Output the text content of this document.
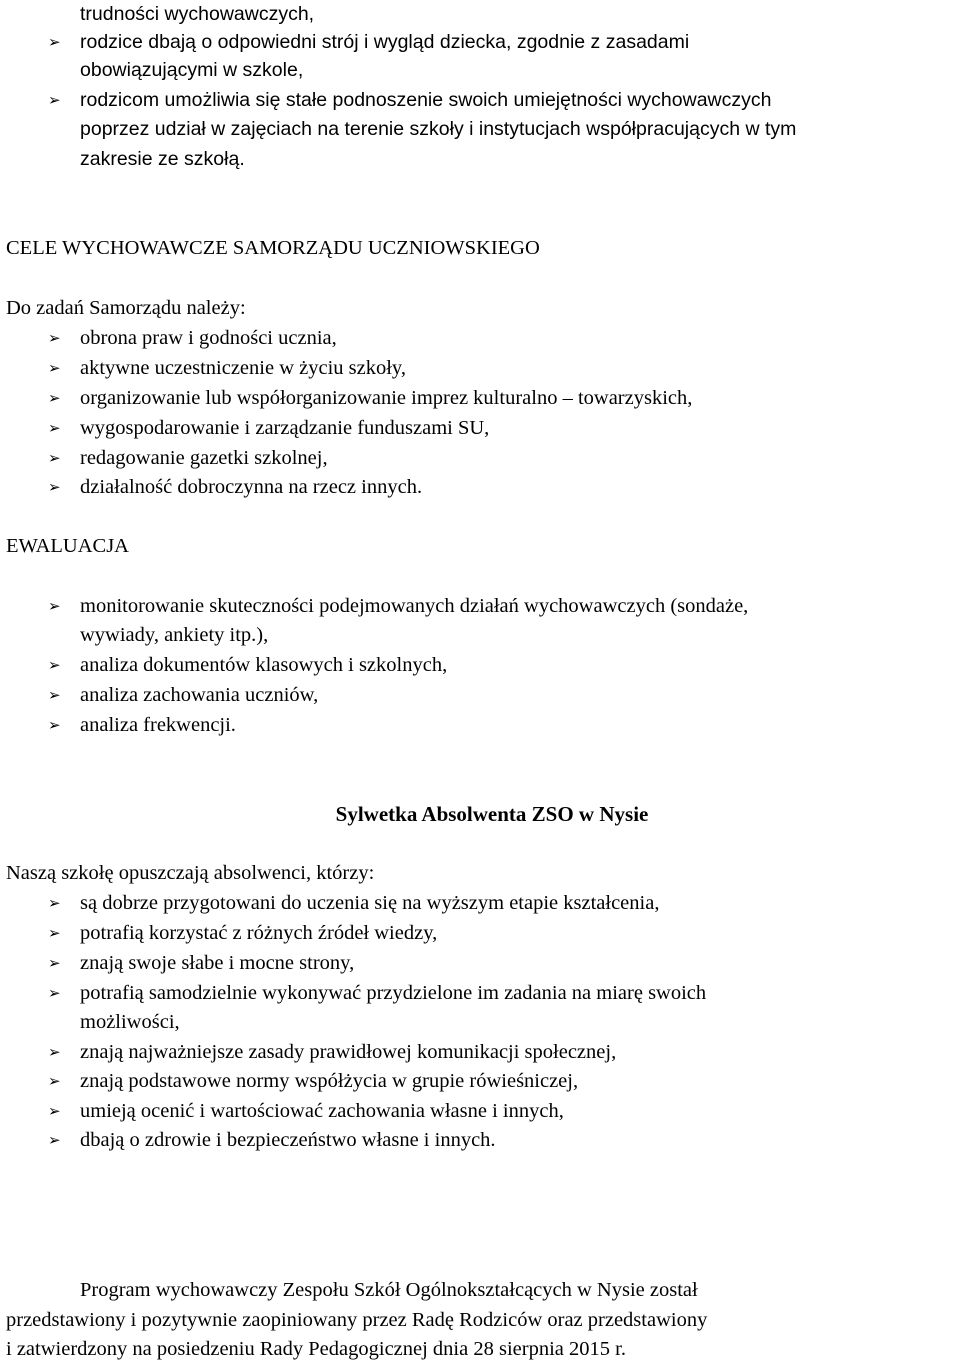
trudności wychowawczych,
➢ rodzice dbają o odpowiedni strój i wygląd dziecka, zgodnie z zasadami
obowiązującymi w szkole,
➢ rodzicom umożliwia się stałe podnoszenie swoich umiejętności wychowawczych
poprzez udział w zajęciach na terenie szkoły i instytucjach współpracujących w tym
zakresie ze szkołą.
CELE WYCHOWAWCZE SAMORZĄDU UCZNIOWSKIEGO
Do zadań Samorządu należy:
➢ obrona praw i godności ucznia,
➢ aktywne uczestniczenie w życiu szkoły,
➢ organizowanie lub współorganizowanie imprez kulturalno – towarzyskich,
➢ wygospodarowanie i zarządzanie funduszami SU,
➢ redagowanie gazetki szkolnej,
➢ działalność dobroczynna na rzecz innych.
EWALUACJA
➢ monitorowanie skuteczności podejmowanych działań wychowawczych (sondaże,
wywiady, ankiety itp.),
➢ analiza dokumentów klasowych i szkolnych,
➢ analiza zachowania uczniów,
➢ analiza frekwencji.
Sylwetka Absolwenta ZSO w Nysie
Naszą szkołę opuszczają absolwenci, którzy:
➢ są dobrze przygotowani do uczenia się na wyższym etapie kształcenia,
➢ potrafią korzystać z różnych źródeł wiedzy,
➢ znają swoje słabe i mocne strony,
➢ potrafią samodzielnie wykonywać przydzielone im zadania na miarę swoich
możliwości,
➢ znają najważniejsze zasady prawidłowej komunikacji społecznej,
➢ znają podstawowe normy współżycia w grupie rówieśniczej,
➢ umieją ocenić i wartościować zachowania własne i innych,
➢ dbają o zdrowie i bezpieczeństwo własne i innych.
Program wychowawczy Zespołu Szkół Ogólnokształcących w Nysie został
przedstawiony i pozytywnie zaopiniowany przez Radę Rodziców oraz przedstawiony
i zatwierdzony na posiedzeniu Rady Pedagogicznej dnia 28 sierpnia 2015 r.
